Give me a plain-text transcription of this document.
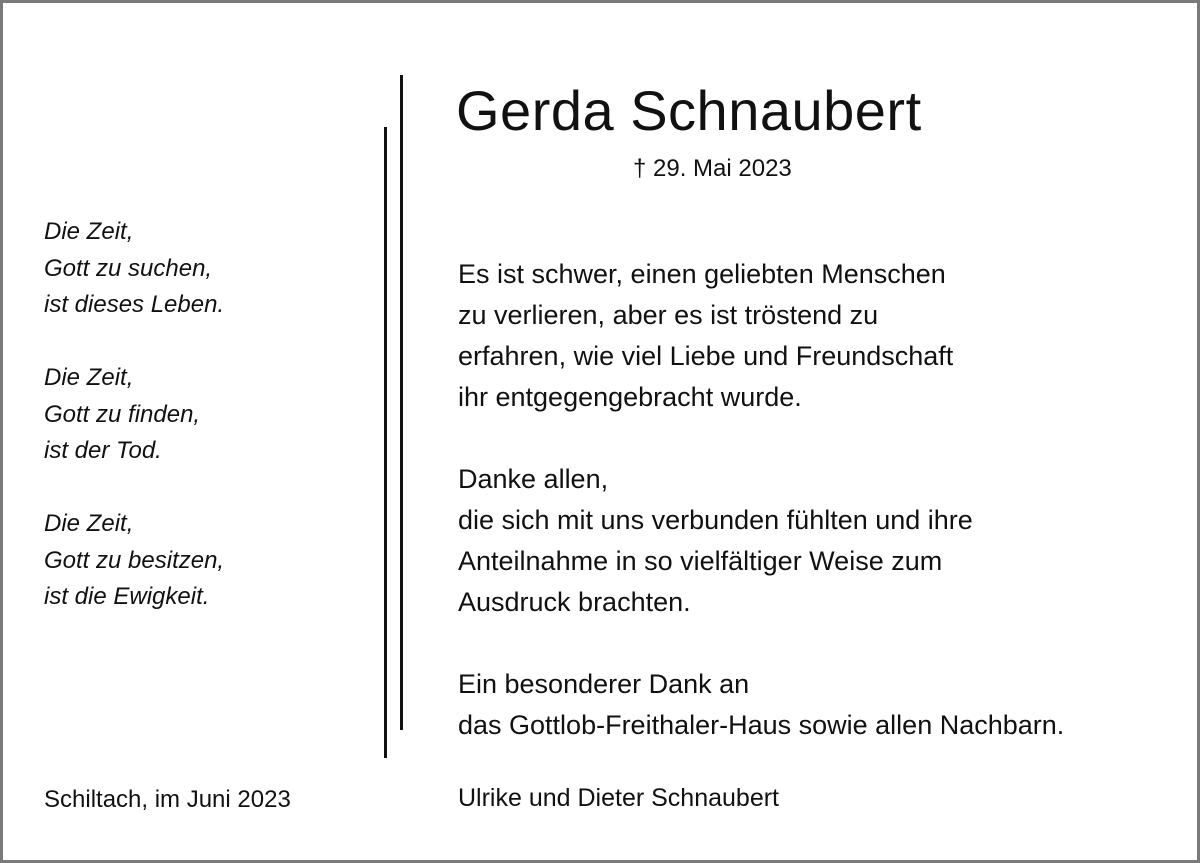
Die Zeit,
Gott zu suchen,
ist dieses Leben.
Die Zeit,
Gott zu finden,
ist der Tod.
Die Zeit,
Gott zu besitzen,
ist die Ewigkeit.
Schiltach, im Juni 2023
Gerda Schnaubert
† 29. Mai 2023
Es ist schwer, einen geliebten Menschen
zu verlieren, aber es ist tröstend zu
erfahren, wie viel Liebe und Freundschaft
ihr entgegengebracht wurde.
Danke allen,
die sich mit uns verbunden fühlten und ihre
Anteilnahme in so vielfältiger Weise zum
Ausdruck brachten.
Ein besonderer Dank an
das Gottlob-Freithaler-Haus sowie allen Nachbarn.
Ulrike und Dieter Schnaubert
